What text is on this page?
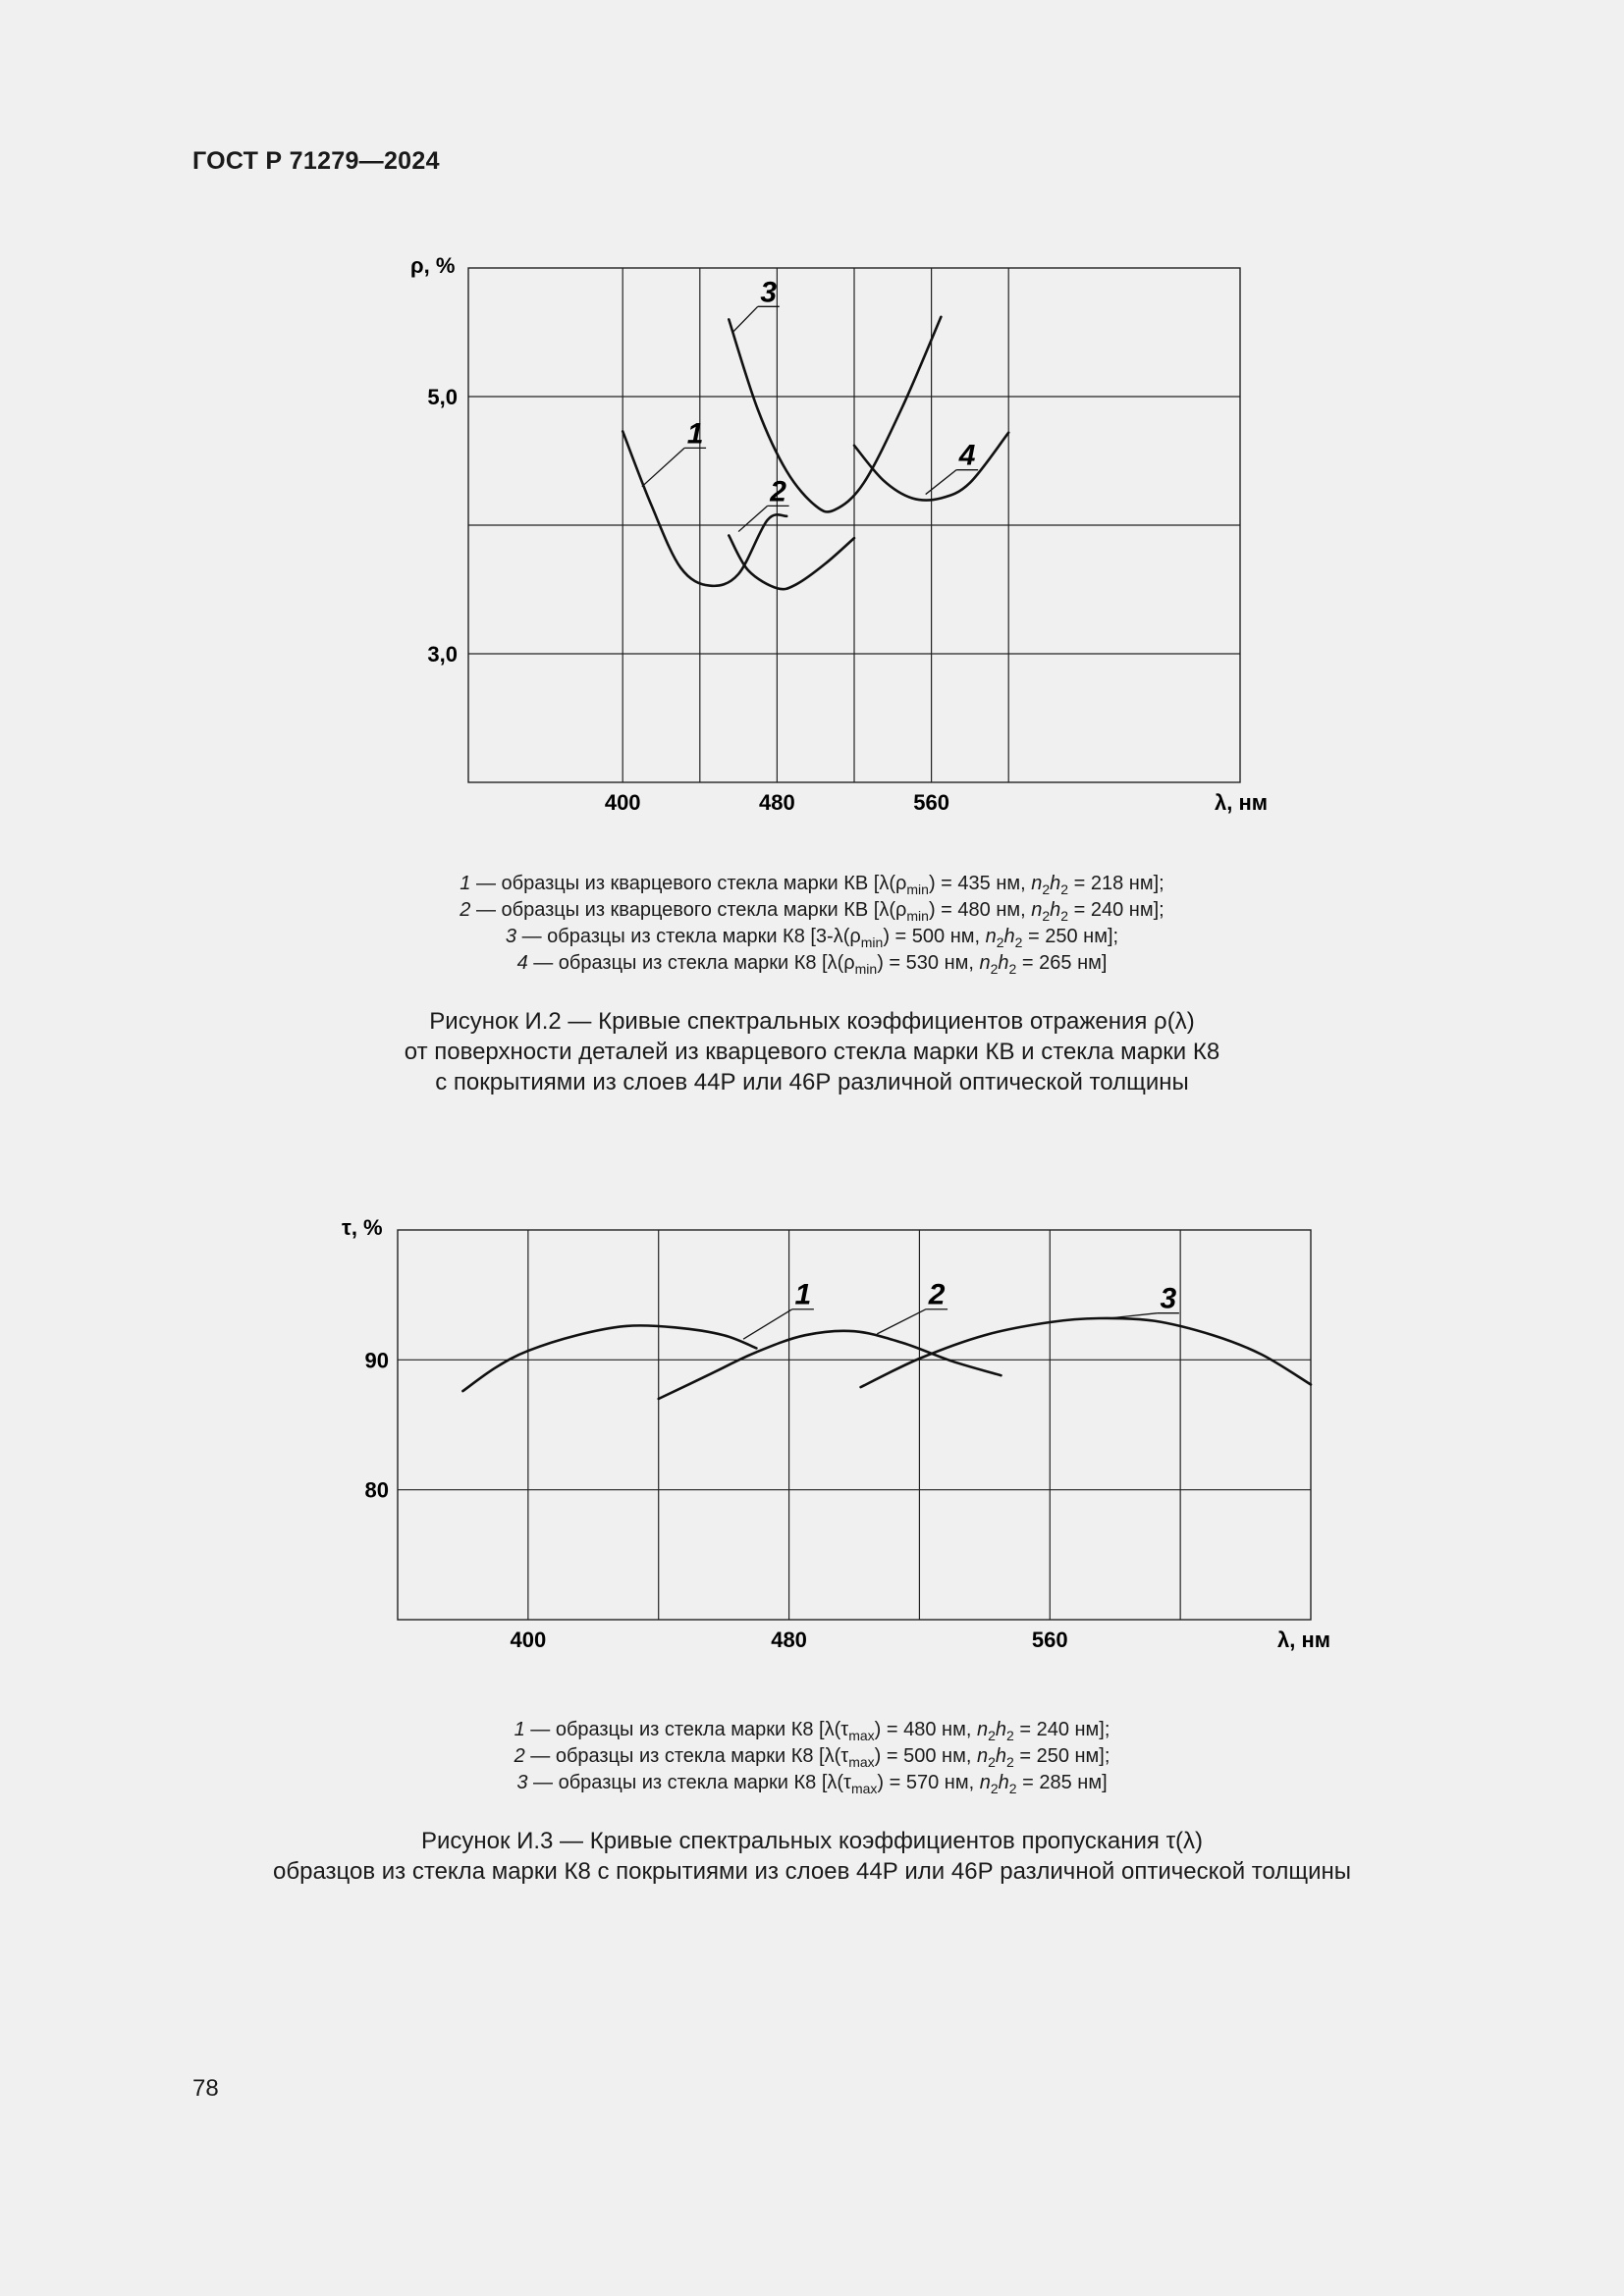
ГОСТ Р 71279—2024
ρ, %
λ, нм
400	480	560
5,0
3,0
1
2
3
4
1 — образцы из кварцевого стекла марки КВ [$\lambda(\rho_{min}) = 435$ нм, $n_2h_2 = 218$ нм];
2 — образцы из кварцевого стекла марки КВ [$\lambda(\rho_{min}) = 480$ нм, $n_2h_2 = 240$ нм];
3 — образцы из стекла марки К8 [$3-\lambda(\rho_{min}) = 500$ нм, $n_2h_2 = 250$ нм];
4 — образцы из стекла марки К8 [$\lambda(\rho_{min}) = 530$ нм, $n_2h_2 = 265$ нм]
Рисунок И.2 — Кривые спектральных коэффициентов отражения ρ(λ)
от поверхности деталей из кварцевого стекла марки КВ и стекла марки К8
с покрытиями из слоев 44Р или 46Р различной оптической толщины
τ, %
λ, нм
400	480	560
90
80
1	2	3
1 — образцы из стекла марки К8 [$\lambda(\tau_{max}) = 480$ нм, $n_2h_2 = 240$ нм];
2 — образцы из стекла марки К8 [$\lambda(\tau_{max}) = 500$ нм, $n_2h_2 = 250$ нм];
3 — образцы из стекла марки К8 [$\lambda(\tau_{max}) = 570$ нм, $n_2h_2 = 285$ нм]
Рисунок И.3 — Кривые спектральных коэффициентов пропускания τ(λ)
образцов из стекла марки К8 с покрытиями из слоев 44Р или 46Р различной оптической толщины
78
